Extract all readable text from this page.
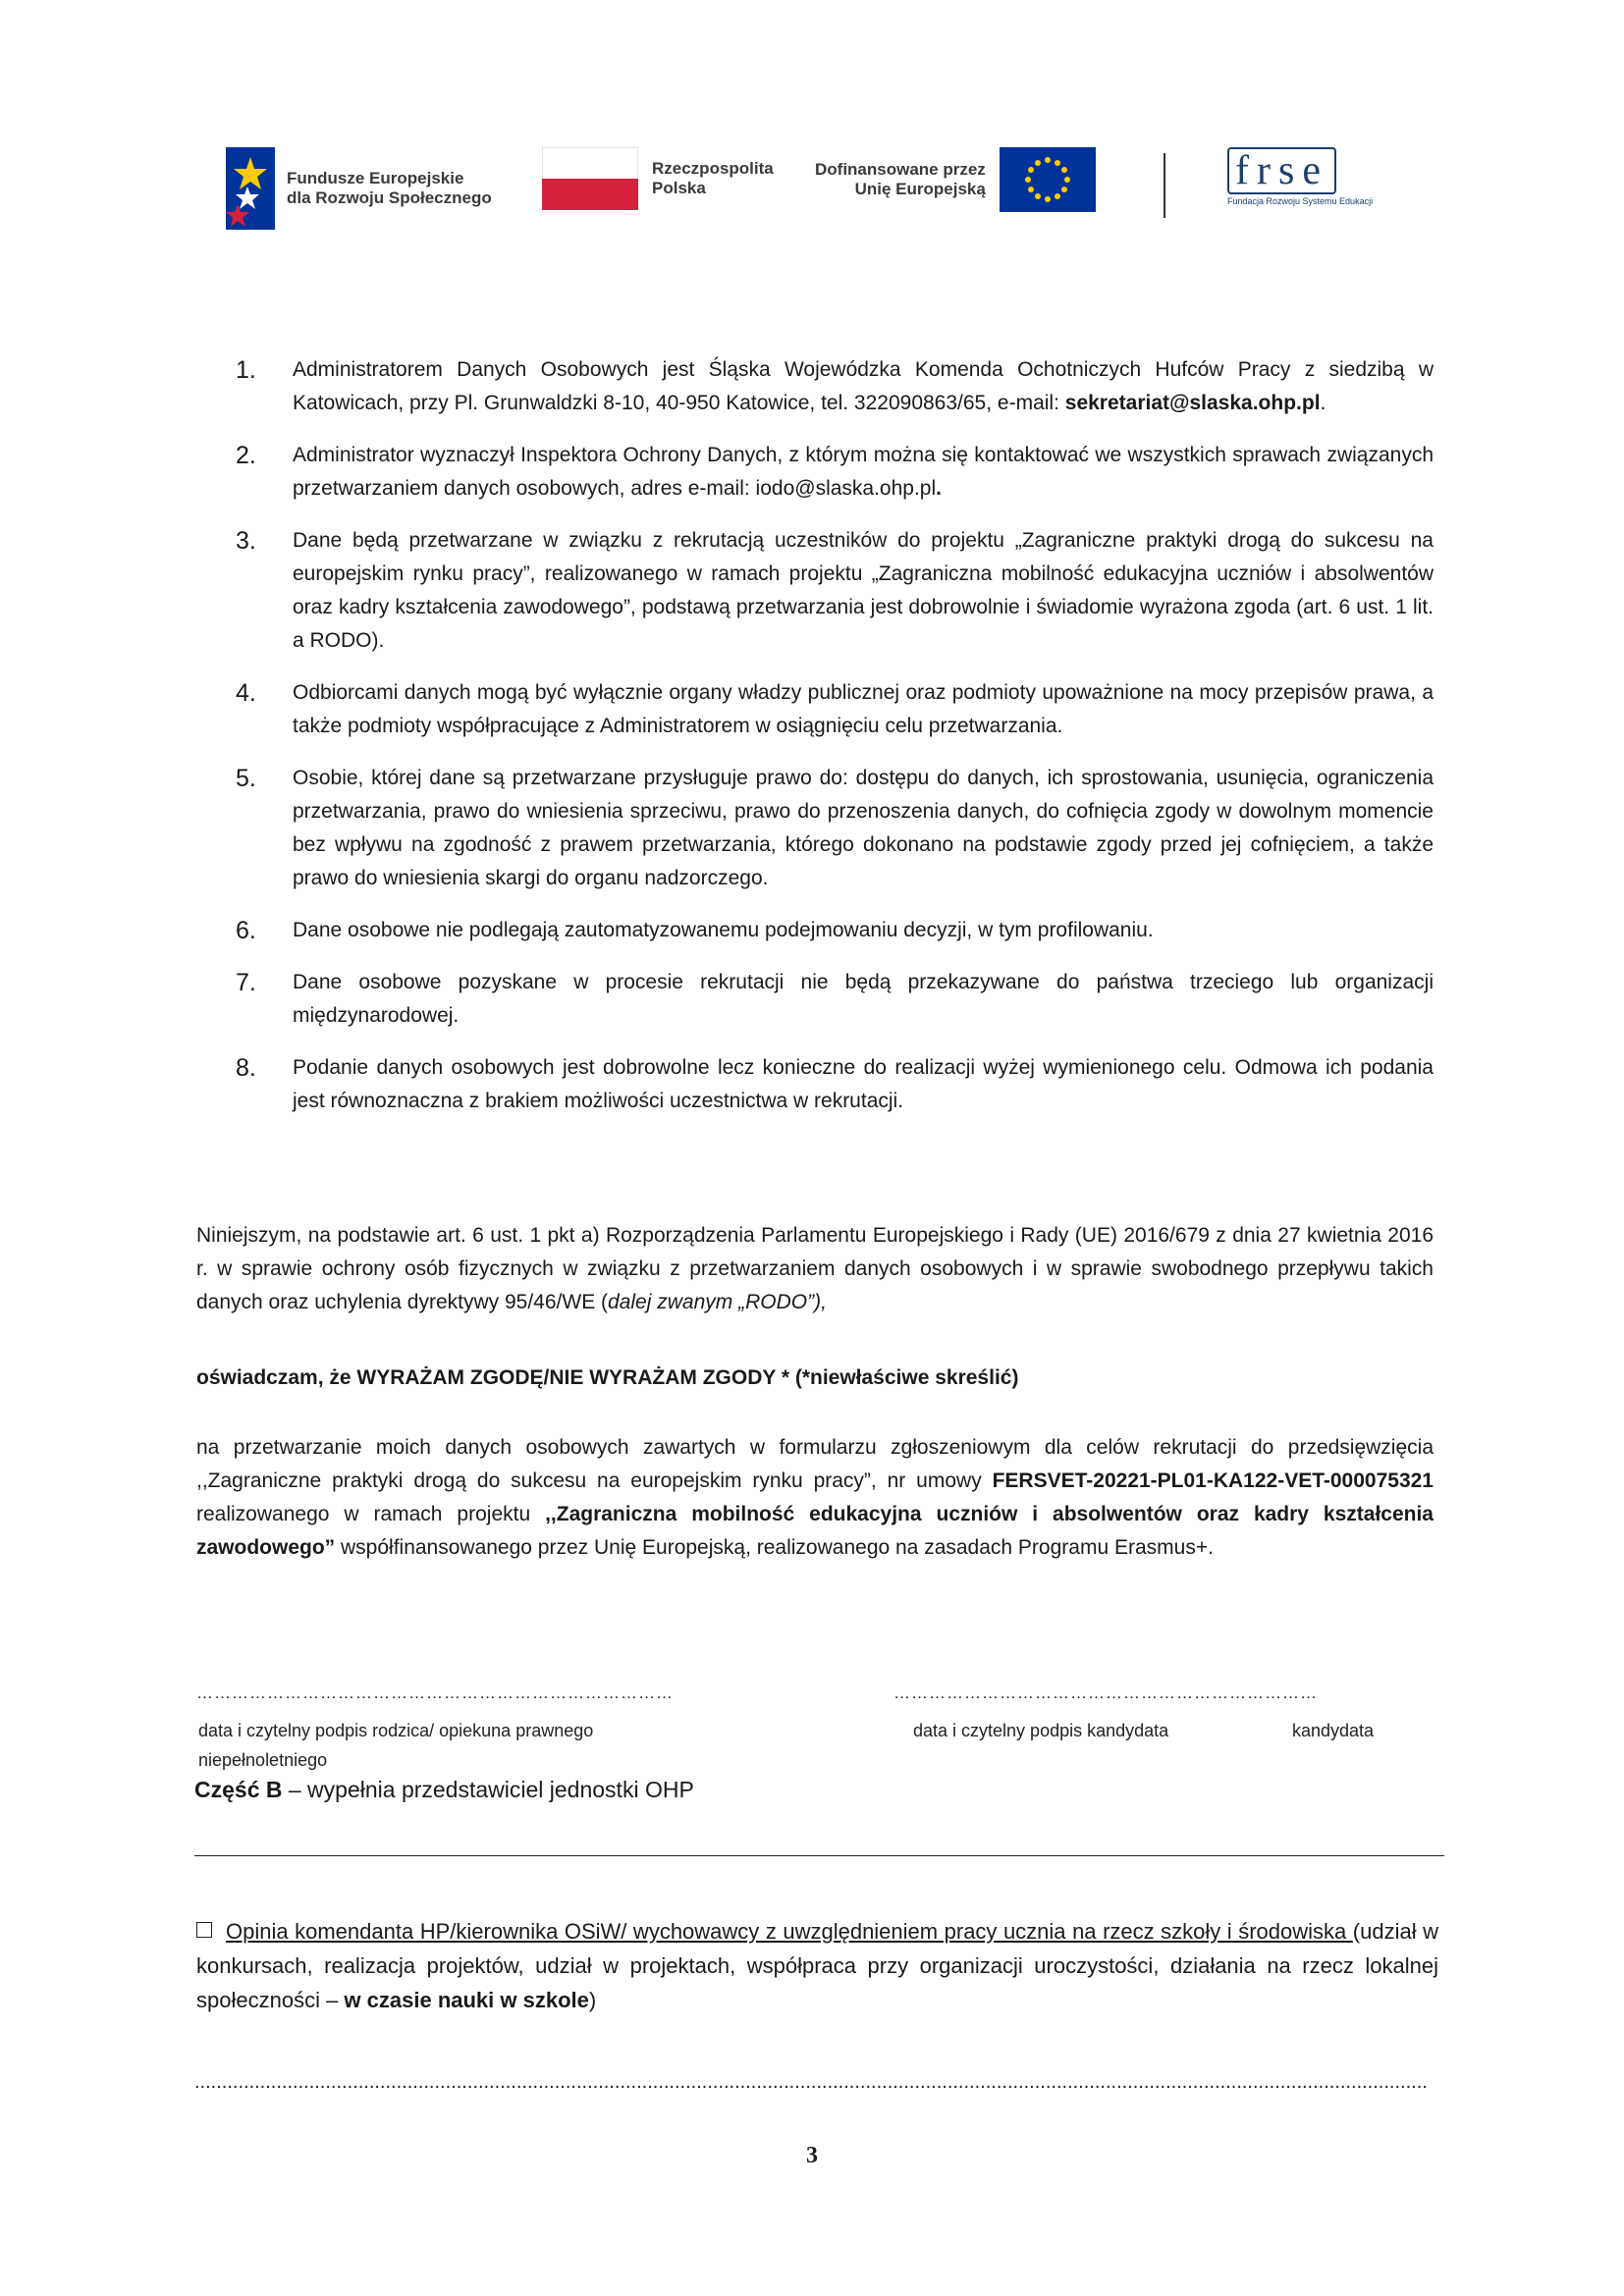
Fundusze Europejskie
dla Rozwoju Społecznego
Rzeczpospolita
Polska
Dofinansowane przez
Unię Europejską	frse
Fundacja Rozwoju Systemu Edukacji
1.	Administratorem Danych Osobowych jest Śląska Wojewódzka Komenda Ochotniczych Hufców Pracy z siedzibą w Katowicach, przy Pl. Grunwaldzki 8-10, 40-950 Katowice, tel. 322090863/65, e-mail: sekretariat@slaska.ohp.pl.
2.	Administrator wyznaczył Inspektora Ochrony Danych, z którym można się kontaktować we wszystkich sprawach związanych przetwarzaniem danych osobowych, adres e-mail: iodo@slaska.ohp.pl.
3.	Dane będą przetwarzane w związku z rekrutacją uczestników do projektu „Zagraniczne praktyki drogą do sukcesu na europejskim rynku pracy”, realizowanego w ramach projektu „Zagraniczna mobilność edukacyjna uczniów i absolwentów oraz kadry kształcenia zawodowego”, podstawą przetwarzania jest dobrowolnie i świadomie wyrażona zgoda (art. 6 ust. 1 lit. a RODO).
4.	Odbiorcami danych mogą być wyłącznie organy władzy publicznej oraz podmioty upoważnione na mocy przepisów prawa, a także podmioty współpracujące z Administratorem w osiągnięciu celu przetwarzania.
5.	Osobie, której dane są przetwarzane przysługuje prawo do: dostępu do danych, ich sprostowania, usunięcia, ograniczenia przetwarzania, prawo do wniesienia sprzeciwu, prawo do przenoszenia danych, do cofnięcia zgody w dowolnym momencie bez wpływu na zgodność z prawem przetwarzania, którego dokonano na podstawie zgody przed jej cofnięciem, a także prawo do wniesienia skargi do organu nadzorczego.
6.	Dane osobowe nie podlegają zautomatyzowanemu podejmowaniu decyzji, w tym profilowaniu.
7.	Dane osobowe pozyskane w procesie rekrutacji nie będą przekazywane do państwa trzeciego lub organizacji międzynarodowej.
8.	Podanie danych osobowych jest dobrowolne lecz konieczne do realizacji wyżej wymienionego celu. Odmowa ich podania jest równoznaczna z brakiem możliwości uczestnictwa w rekrutacji.
Niniejszym, na podstawie art. 6 ust. 1 pkt a) Rozporządzenia Parlamentu Europejskiego i Rady (UE) 2016/679 z dnia 27 kwietnia 2016 r. w sprawie ochrony osób fizycznych w związku z przetwarzaniem danych osobowych i w sprawie swobodnego przepływu takich danych oraz uchylenia dyrektywy 95/46/WE (dalej zwanym „RODO”),
oświadczam, że WYRAŻAM ZGODĘ/NIE WYRAŻAM ZGODY * (*niewłaściwe skreślić)
na przetwarzanie moich danych osobowych zawartych w formularzu zgłoszeniowym dla celów rekrutacji do przedsięwzięcia ,,Zagraniczne praktyki drogą do sukcesu na europejskim rynku pracy”, nr umowy FERSVET-20221-PL01-KA122-VET-000075321 realizowanego w ramach projektu ,,Zagraniczna mobilność edukacyjna uczniów i absolwentów oraz kadry kształcenia zawodowego” współfinansowanego przez Unię Europejską, realizowanego na zasadach Programu Erasmus+.
………………………………………………………………………	………………………………………………………………
data i czytelny podpis rodzica/ opiekuna prawnego
niepełnoletniego
data i czytelny podpis kandydata	kandydata
Część B – wypełnia przedstawiciel jednostki OHP
Opinia komendanta HP/kierownika OSiW/ wychowawcy z uwzględnieniem pracy ucznia na rzecz szkoły i środowiska (udział w konkursach, realizacja projektów, udział w projektach, współpraca przy organizacji uroczystości, działania na rzecz lokalnej społeczności – w czasie nauki w szkole)
..................................................................................................................................................................................................................................
3
